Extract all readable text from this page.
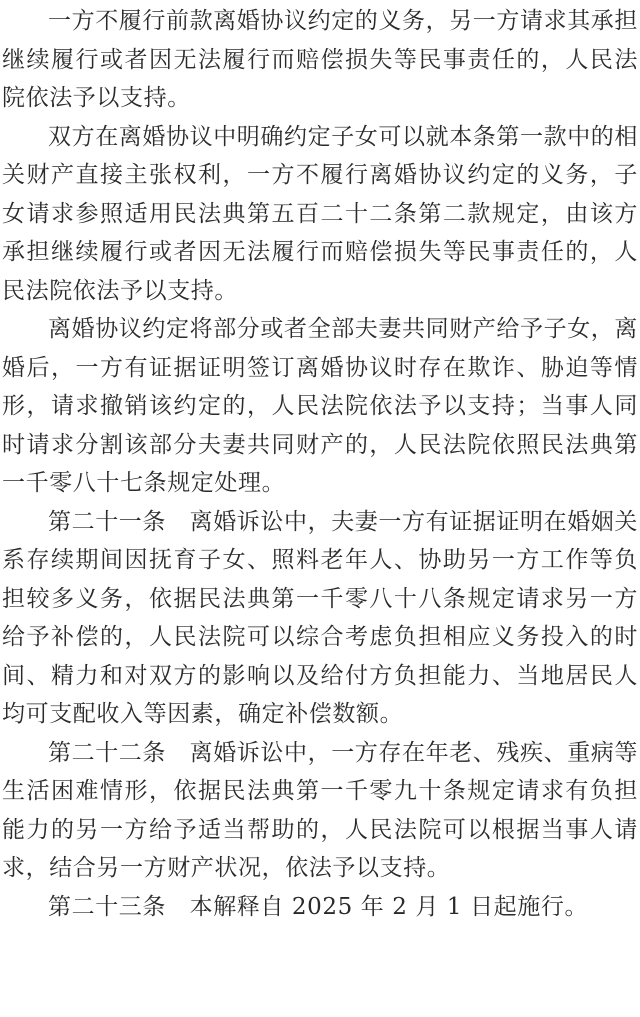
一方不履行前款离婚协议约定的义务，另一方请求其承担继续履行或者因无法履行而赔偿损失等民事责任的，人民法院依法予以支持。

双方在离婚协议中明确约定子女可以就本条第一款中的相关财产直接主张权利，一方不履行离婚协议约定的义务，子女请求参照适用民法典第五百二十二条第二款规定，由该方承担继续履行或者因无法履行而赔偿损失等民事责任的，人民法院依法予以支持。

离婚协议约定将部分或者全部夫妻共同财产给予子女，离婚后，一方有证据证明签订离婚协议时存在欺诈、胁迫等情形，请求撤销该约定的，人民法院依法予以支持；当事人同时请求分割该部分夫妻共同财产的，人民法院依照民法典第一千零八十七条规定处理。

第二十一条　离婚诉讼中，夫妻一方有证据证明在婚姻关系存续期间因抚育子女、照料老年人、协助另一方工作等负担较多义务，依据民法典第一千零八十八条规定请求另一方给予补偿的，人民法院可以综合考虑负担相应义务投入的时间、精力和对双方的影响以及给付方负担能力、当地居民人均可支配收入等因素，确定补偿数额。

第二十二条　离婚诉讼中，一方存在年老、残疾、重病等生活困难情形，依据民法典第一千零九十条规定请求有负担能力的另一方给予适当帮助的，人民法院可以根据当事人请求，结合另一方财产状况，依法予以支持。

第二十三条　本解释自 2025 年 2 月 1 日起施行。
